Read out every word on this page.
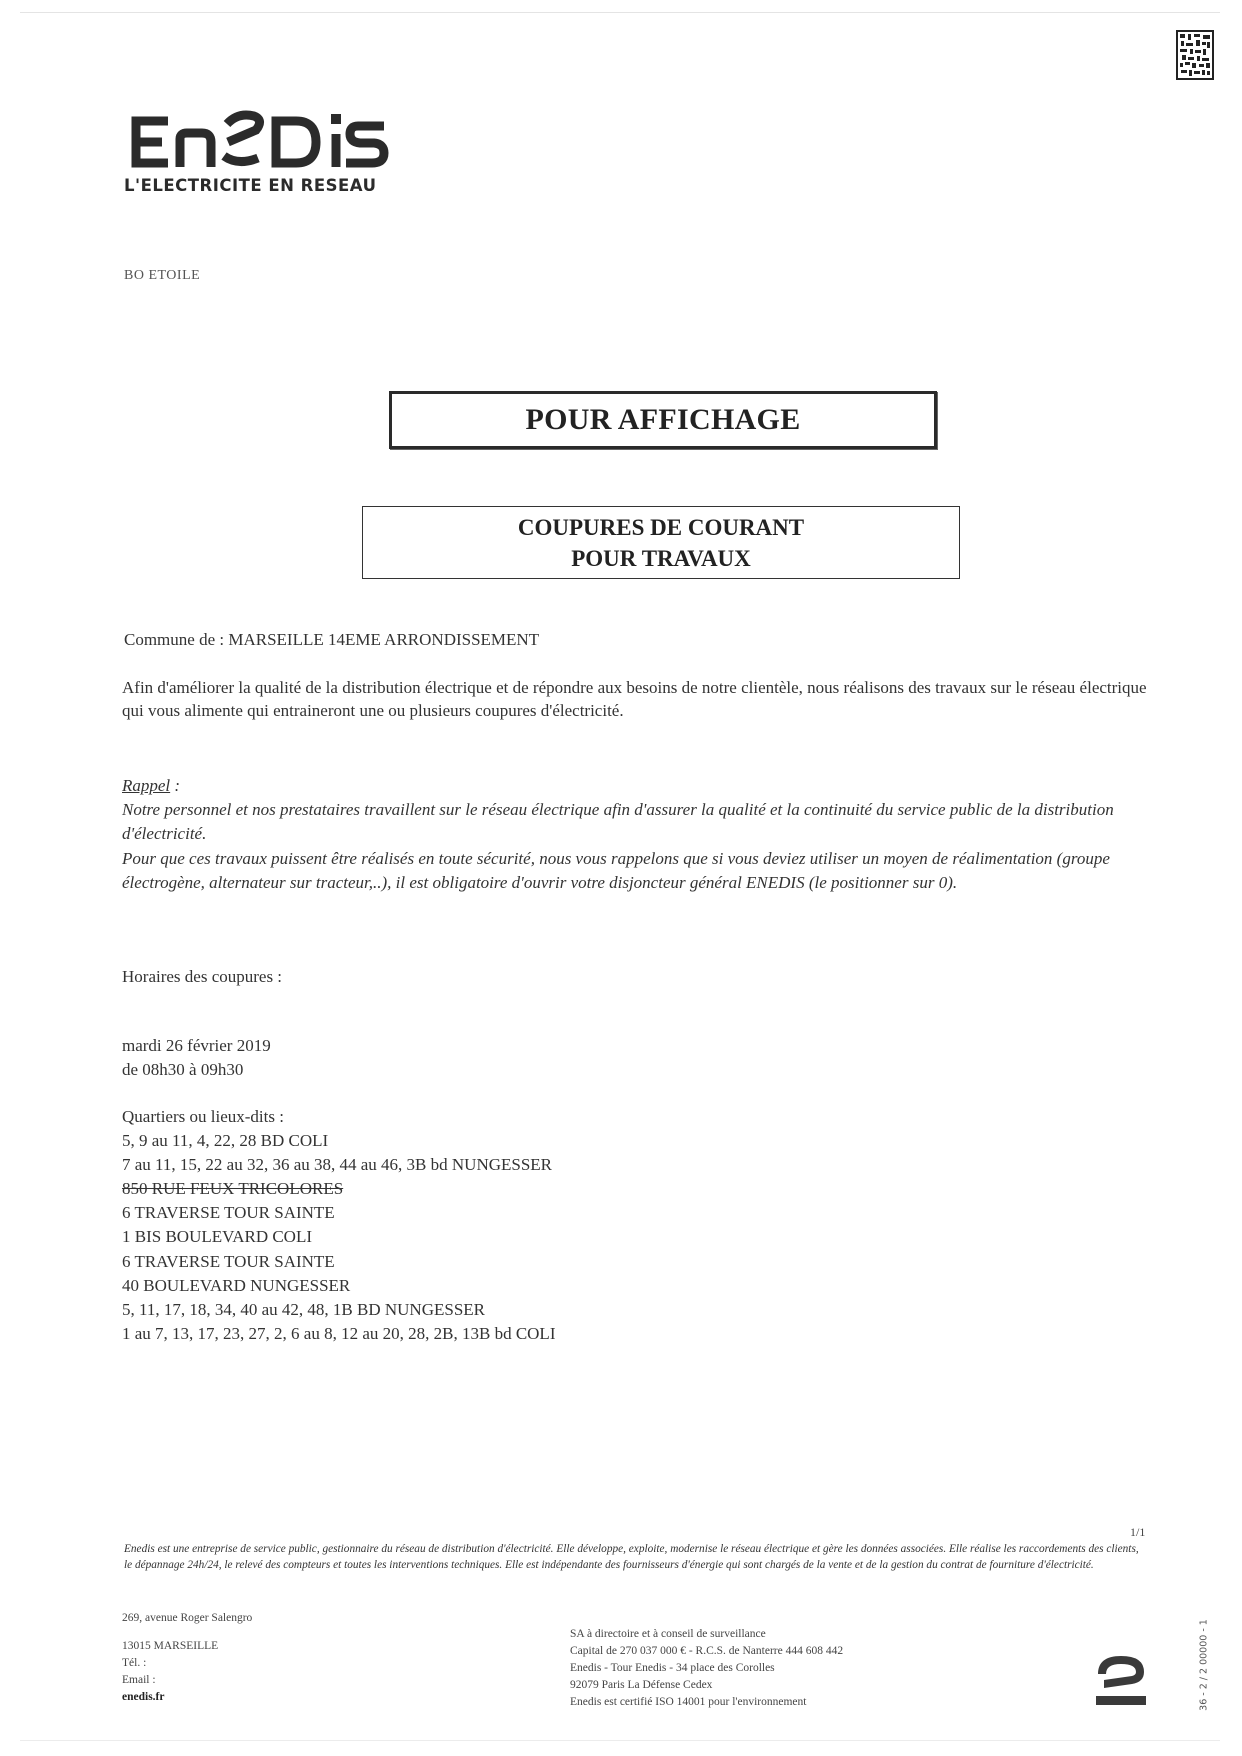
L'ELECTRICITE EN RESEAU
BO ETOILE
POUR AFFICHAGE
COUPURES DE COURANT
POUR TRAVAUX
Commune de : MARSEILLE 14EME ARRONDISSEMENT
Afin d'améliorer la qualité de la distribution électrique et de répondre aux besoins de notre clientèle, nous réalisons des travaux sur le réseau électrique qui vous alimente qui entraineront une ou plusieurs coupures d'électricité.
Rappel :
Notre personnel et nos prestataires travaillent sur le réseau électrique afin d'assurer la qualité et la continuité du service public de la distribution d'électricité.
Pour que ces travaux puissent être réalisés en toute sécurité, nous vous rappelons que si vous deviez utiliser un moyen de réalimentation (groupe électrogène, alternateur sur tracteur,..), il est obligatoire d'ouvrir votre disjoncteur général ENEDIS (le positionner sur 0).
Horaires des coupures :
mardi 26 février 2019
de 08h30 à 09h30
Quartiers ou lieux-dits :
5, 9 au 11, 4, 22, 28 BD COLI
7 au 11, 15, 22 au 32, 36 au 38, 44 au 46, 3B bd NUNGESSER
850 RUE FEUX TRICOLORES
6 TRAVERSE TOUR SAINTE
1 BIS BOULEVARD COLI
6 TRAVERSE TOUR SAINTE
40 BOULEVARD NUNGESSER
5, 11, 17, 18, 34, 40 au 42, 48, 1B BD NUNGESSER
1 au 7, 13, 17, 23, 27, 2, 6 au 8, 12 au 20, 28, 2B, 13B bd COLI
1/1
Enedis est une entreprise de service public, gestionnaire du réseau de distribution d'électricité. Elle développe, exploite, modernise le réseau électrique et gère les données associées. Elle réalise les raccordements des clients, le dépannage 24h/24, le relevé des compteurs et toutes les interventions techniques. Elle est indépendante des fournisseurs d'énergie qui sont chargés de la vente et de la gestion du contrat de fourniture d'électricité.
269, avenue Roger Salengro
13015 MARSEILLE
Tél. :
Email :
enedis.fr
SA à directoire et à conseil de surveillance
Capital de 270 037 000 € - R.C.S. de Nanterre 444 608 442
Enedis - Tour Enedis - 34 place des Corolles
92079 Paris La Défense Cedex
Enedis est certifié ISO 14001 pour l'environnement	36 - 2 / 2 00000 - 1
